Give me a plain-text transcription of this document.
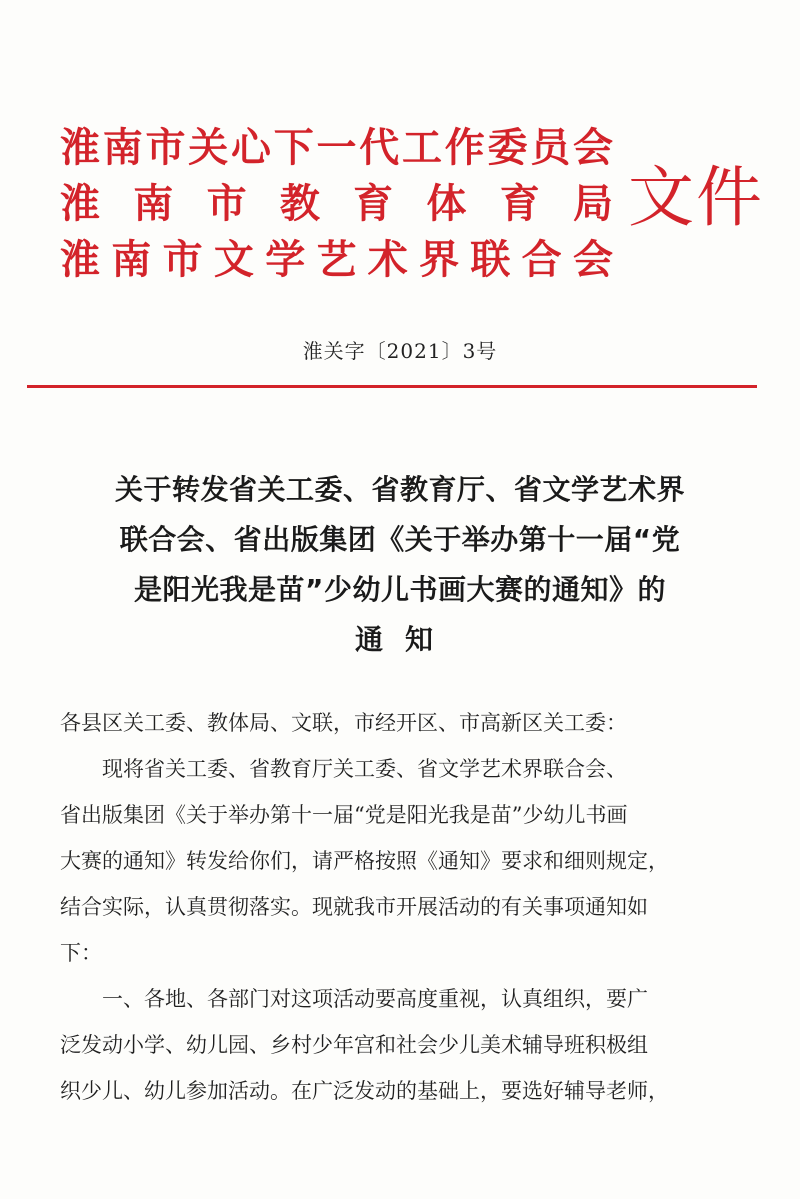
淮 南 市 关 心 下 一 代 工 作 委 员 会
淮 南 市 教 育 体 育 局
淮 南 市 文 学 艺 术 界 联 合 会
文件
淮关字〔2021〕3号
关于转发省关工委、省教育厅、省文学艺术界
联合会、省出版集团《关于举办第十一届“党
是阳光我是苗”少幼儿书画大赛的通知》的
通知
各县区关工委、教体局、文联，市经开区、市高新区关工委：
现将省关工委、省教育厅关工委、省文学艺术界联合会、
省出版集团《关于举办第十一届“党是阳光我是苗”少幼儿书画
大赛的通知》转发给你们，请严格按照《通知》要求和细则规定，
结合实际，认真贯彻落实。现就我市开展活动的有关事项通知如
下：
一、各地、各部门对这项活动要高度重视，认真组织，要广
泛发动小学、幼儿园、乡村少年宫和社会少儿美术辅导班积极组
织少儿、幼儿参加活动。在广泛发动的基础上，要选好辅导老师，
